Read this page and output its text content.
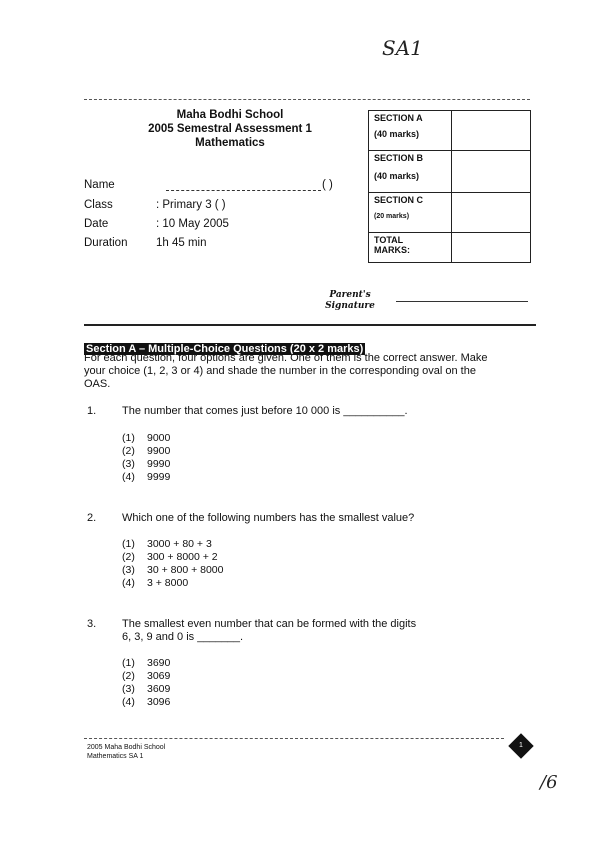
SA1
/6
Maha Bodhi School
2005 Semestral Assessment 1
Mathematics
Name	( )
Class	: Primary 3 ( )
Date	: 10 May 2005
Duration 1h 45 min
SECTION A
(40 marks)	

SECTION B
(40 marks)	

SECTION C
(20 marks)	

TOTAL MARKS:	

Parent's
Signature
Section A – Multiple-Choice Questions (20 x 2 marks)
For each question, four options are given. One of them is the correct answer. Make your choice (1, 2, 3 or 4) and shade the number in the corresponding oval on the OAS.
1. The number that comes just before 10 000 is __________.
(1) 9000
(2) 9900
(3) 9990
(4) 9999
2. Which one of the following numbers has the smallest value?
(1) 3000 + 80 + 3
(2) 300 + 8000 + 2
(3) 30 + 800 + 8000
(4) 3 + 8000
3. The smallest even number that can be formed with the digits
6, 3, 9 and 0 is _______.
(1) 3690
(2) 3069
(3) 3609
(4) 3096
2005 Maha Bodhi School
Mathematics SA 1
1
